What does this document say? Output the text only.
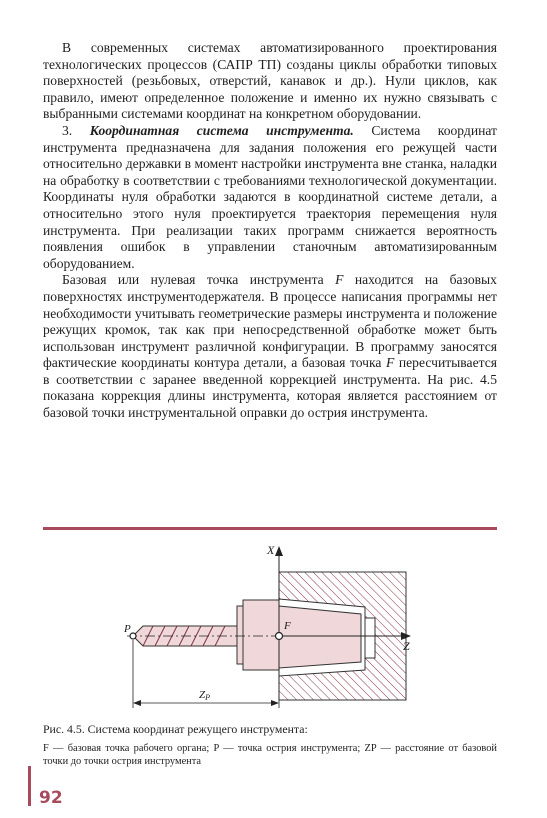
В современных системах автоматизированного проектирования технологических процессов (САПР ТП) созданы циклы обработки типовых поверхностей (резьбовых, отверстий, канавок и др.). Нули циклов, как правило, имеют определенное положение и именно их нужно связывать с выбранными системами координат на конкретном оборудовании.

3. Координатная система инструмента. Система координат инструмента предназначена для задания положения его режущей части относительно державки в момент настройки инструмента вне станка, наладки на обработку в соответствии с требованиями технологической документации. Координаты нуля обработки задаются в координатной системе детали, а относительно этого нуля проектируется траектория перемещения нуля инструмента. При реализации таких программ снижается вероятность появления ошибок в управлении станочным автоматизированным оборудованием.

Базовая или нулевая точка инструмента F находится на базовых поверхностях инструментодержателя. В процессе написания программы нет необходимости учитывать геометрические размеры инструмента и положение режущих кромок, так как при непосредственной обработке может быть использован инструмент различной конфигурации. В программу заносятся фактические координаты контура детали, а базовая точка F пересчитывается в соответствии с заранее введенной коррекцией инструмента. На рис. 4.5 показана коррекция длины инструмента, которая является расстоянием от базовой точки инструментальной оправки до острия инструмента.

X
Z
P	F
ZP

Рис. 4.5. Система координат режущего инструмента:

F — базовая точка рабочего органа; P — точка острия инструмента; ZP — расстояние от базовой точки до точки острия инструмента

92
